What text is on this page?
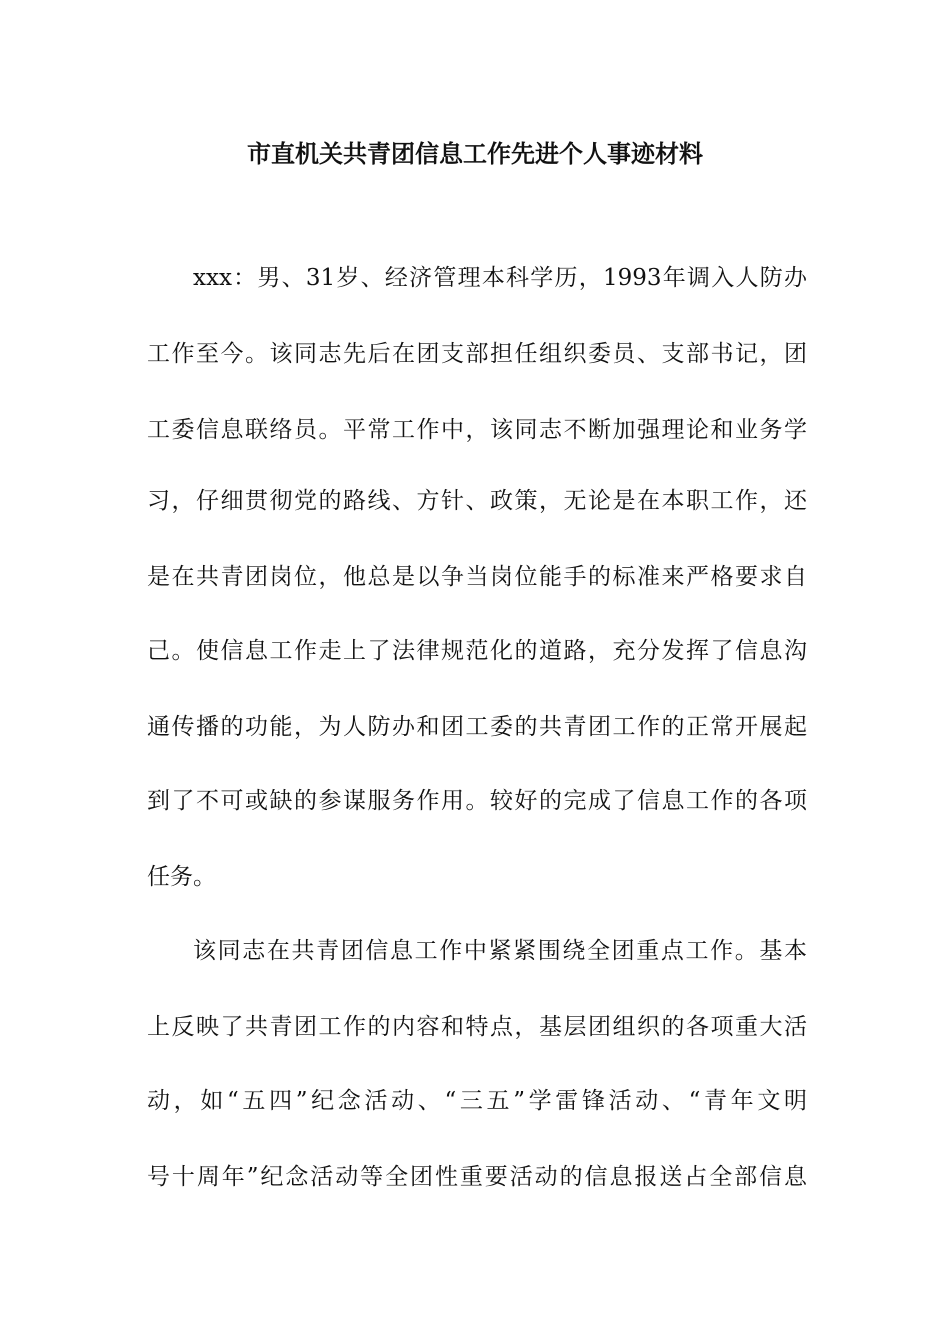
市直机关共青团信息工作先进个人事迹材料
xxx：男、31岁、经济管理本科学历，1993年调入人防办
工作至今。该同志先后在团支部担任组织委员、支部书记，团
工委信息联络员。平常工作中，该同志不断加强理论和业务学
习，仔细贯彻党的路线、方针、政策，无论是在本职工作，还
是在共青团岗位，他总是以争当岗位能手的标准来严格要求自
己。使信息工作走上了法律规范化的道路，充分发挥了信息沟
通传播的功能，为人防办和团工委的共青团工作的正常开展起
到了不可或缺的参谋服务作用。较好的完成了信息工作的各项
任务。
该同志在共青团信息工作中紧紧围绕全团重点工作。基本
上反映了共青团工作的内容和特点，基层团组织的各项重大活
动，如“五四”纪念活动、“三五”学雷锋活动、“青年文明
号十周年”纪念活动等全团性重要活动的信息报送占全部信息
